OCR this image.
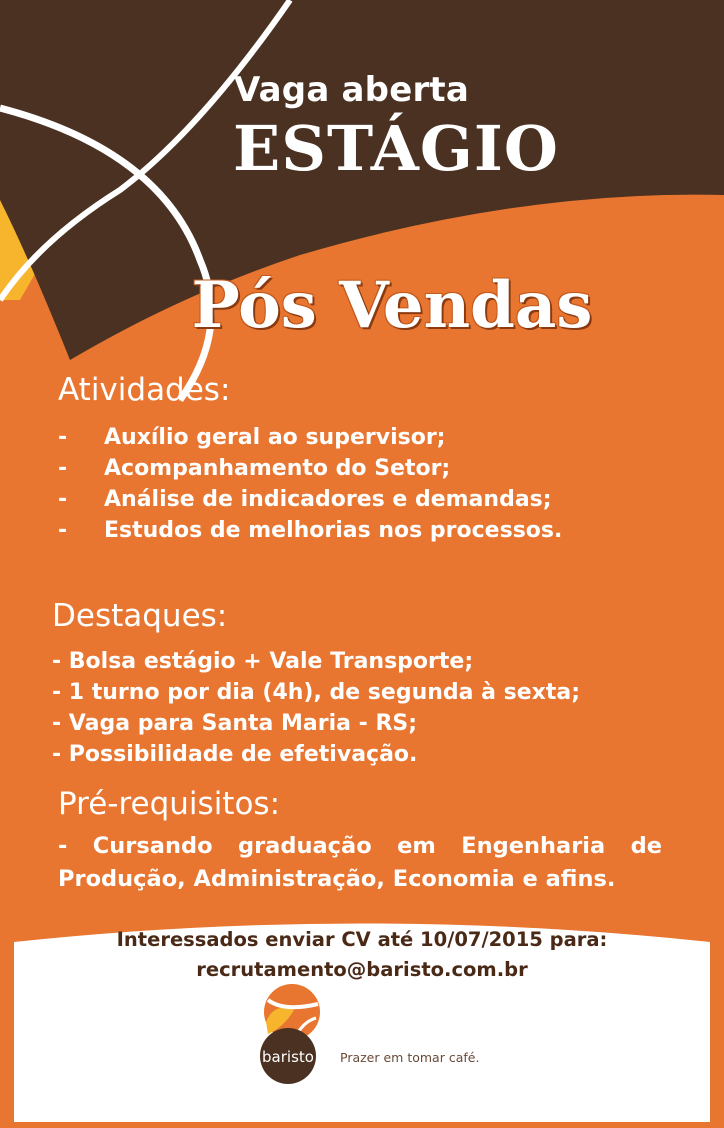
Vaga aberta
ESTÁGIO
Pós Vendas
Atividades:
- Auxílio geral ao supervisor;
- Acompanhamento do Setor;
- Análise de indicadores e demandas;
- Estudos de melhorias nos processos.
Destaques:
- Bolsa estágio + Vale Transporte;
- 1 turno por dia (4h), de segunda à sexta;
- Vaga para Santa Maria - RS;
- Possibilidade de efetivação.
Pré-requisitos:
- Cursando graduação em Engenharia de
Produção, Administração, Economia e afins.

Interessados enviar CV até 10/07/2015 para:

recrutamento@baristo.com.br

baristo Prazer em tomar café.
